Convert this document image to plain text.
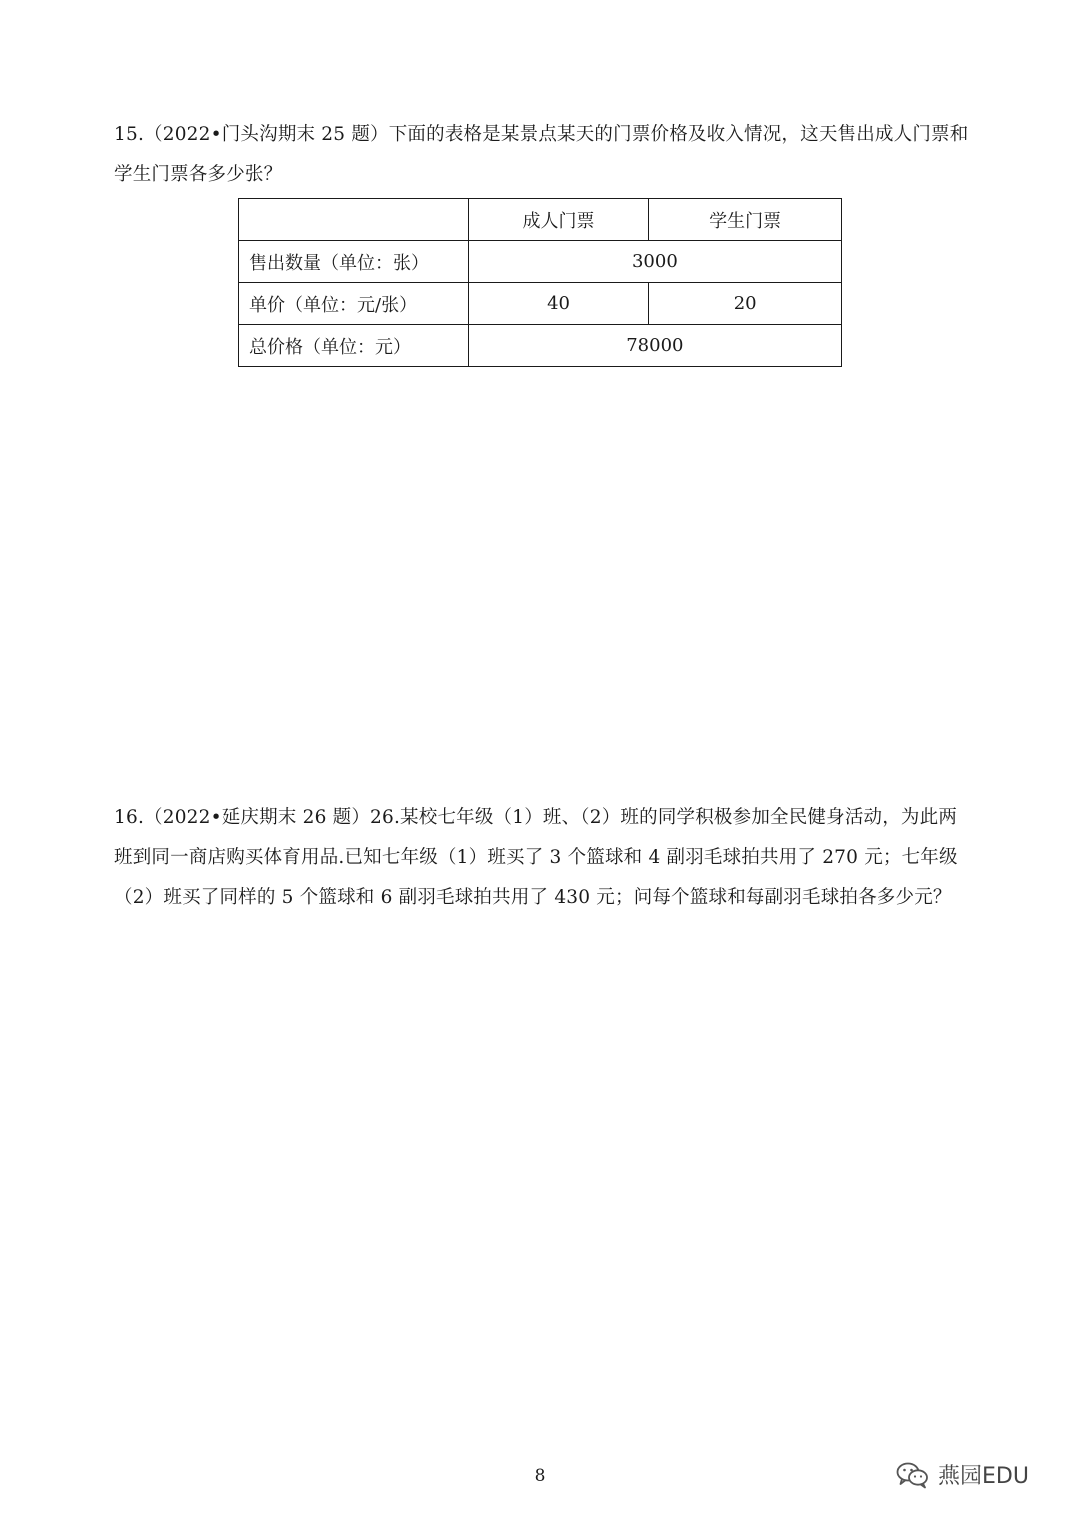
15.（2022•门头沟期末 25 题）下面的表格是某景点某天的门票价格及收入情况，这天售出成人门票和学生门票各多少张？

	成人门票	学生门票
售出数量（单位：张）	3000	
单价（单位：元/张）	40	20
总价格（单位：元）	78000	

16.（2022•延庆期末 26 题）26.某校七年级（1）班、（2）班的同学积极参加全民健身活动，为此两班到同一商店购买体育用品.已知七年级（1）班买了 3 个篮球和 4 副羽毛球拍共用了 270 元；七年级（2）班买了同样的 5 个篮球和 6 副羽毛球拍共用了 430 元；问每个篮球和每副羽毛球拍各多少元？

8	燕园EDU
